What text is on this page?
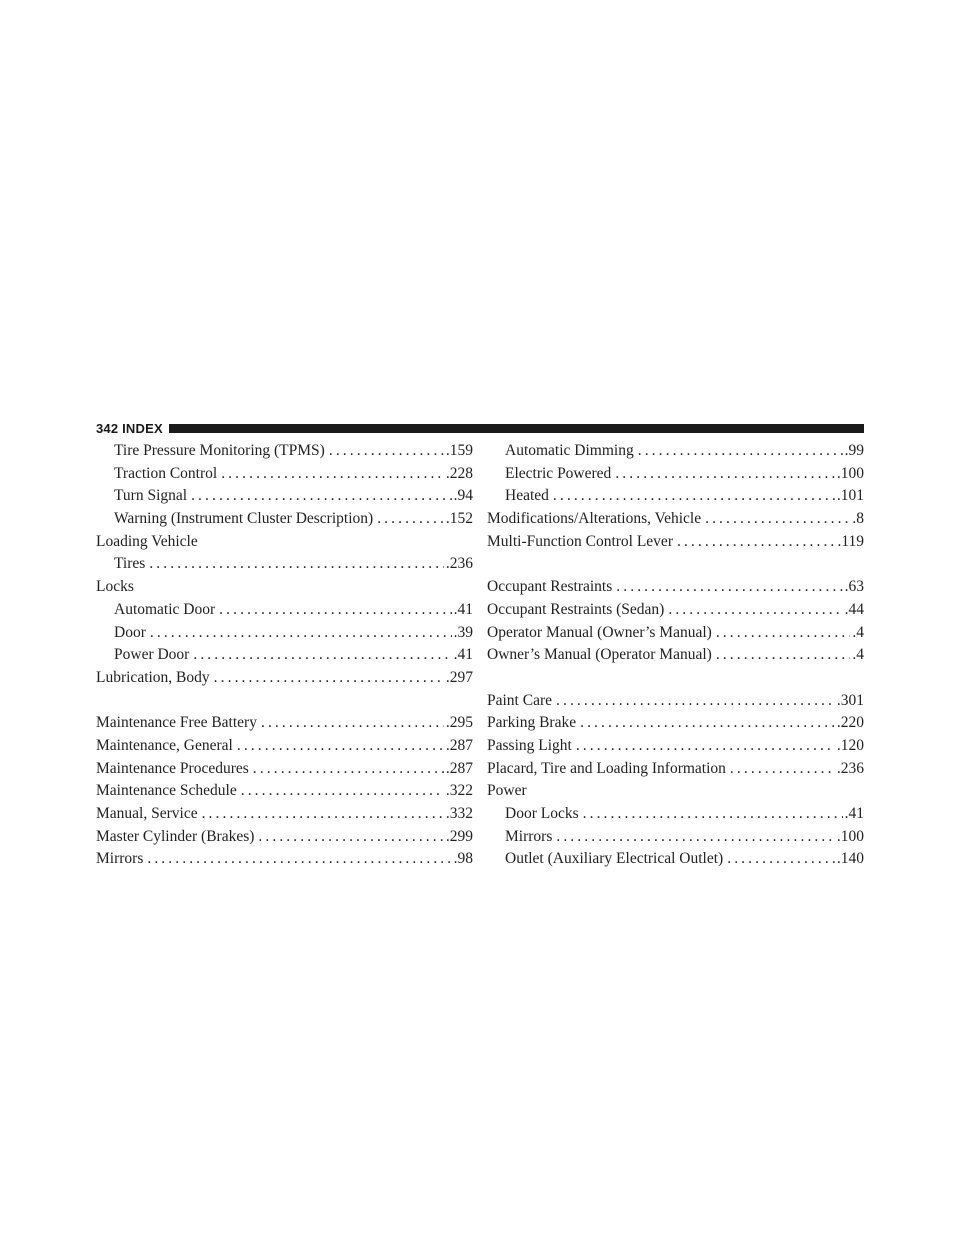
342 INDEX
Tire Pressure Monitoring (TPMS) .....	.159
Traction Control .....	.228
Turn Signal .....	.94
Warning (Instrument Cluster Description) .....	.152
Loading Vehicle
Tires .....	.236
Locks
Automatic Door .....	.41
Door .....	.39
Power Door .....	.41
Lubrication, Body .....	.297
Maintenance Free Battery .....	.295
Maintenance, General .....	.287
Maintenance Procedures .....	.287
Maintenance Schedule .....	.322
Manual, Service .....	.332
Master Cylinder (Brakes) .....	.299
Mirrors .....	.98
Automatic Dimming .....	.99
Electric Powered .....	.100
Heated .....	.101
Modifications/Alterations, Vehicle .....	.8
Multi-Function Control Lever .....	.119
Occupant Restraints .....	.63
Occupant Restraints (Sedan) .....	.44
Operator Manual (Owner’s Manual) .....	.4
Owner’s Manual (Operator Manual) .....	.4
Paint Care .....	.301
Parking Brake .....	.220
Passing Light .....	.120
Placard, Tire and Loading Information .....	.236
Power
Door Locks .....	.41
Mirrors .....	.100
Outlet (Auxiliary Electrical Outlet) .....	.140
